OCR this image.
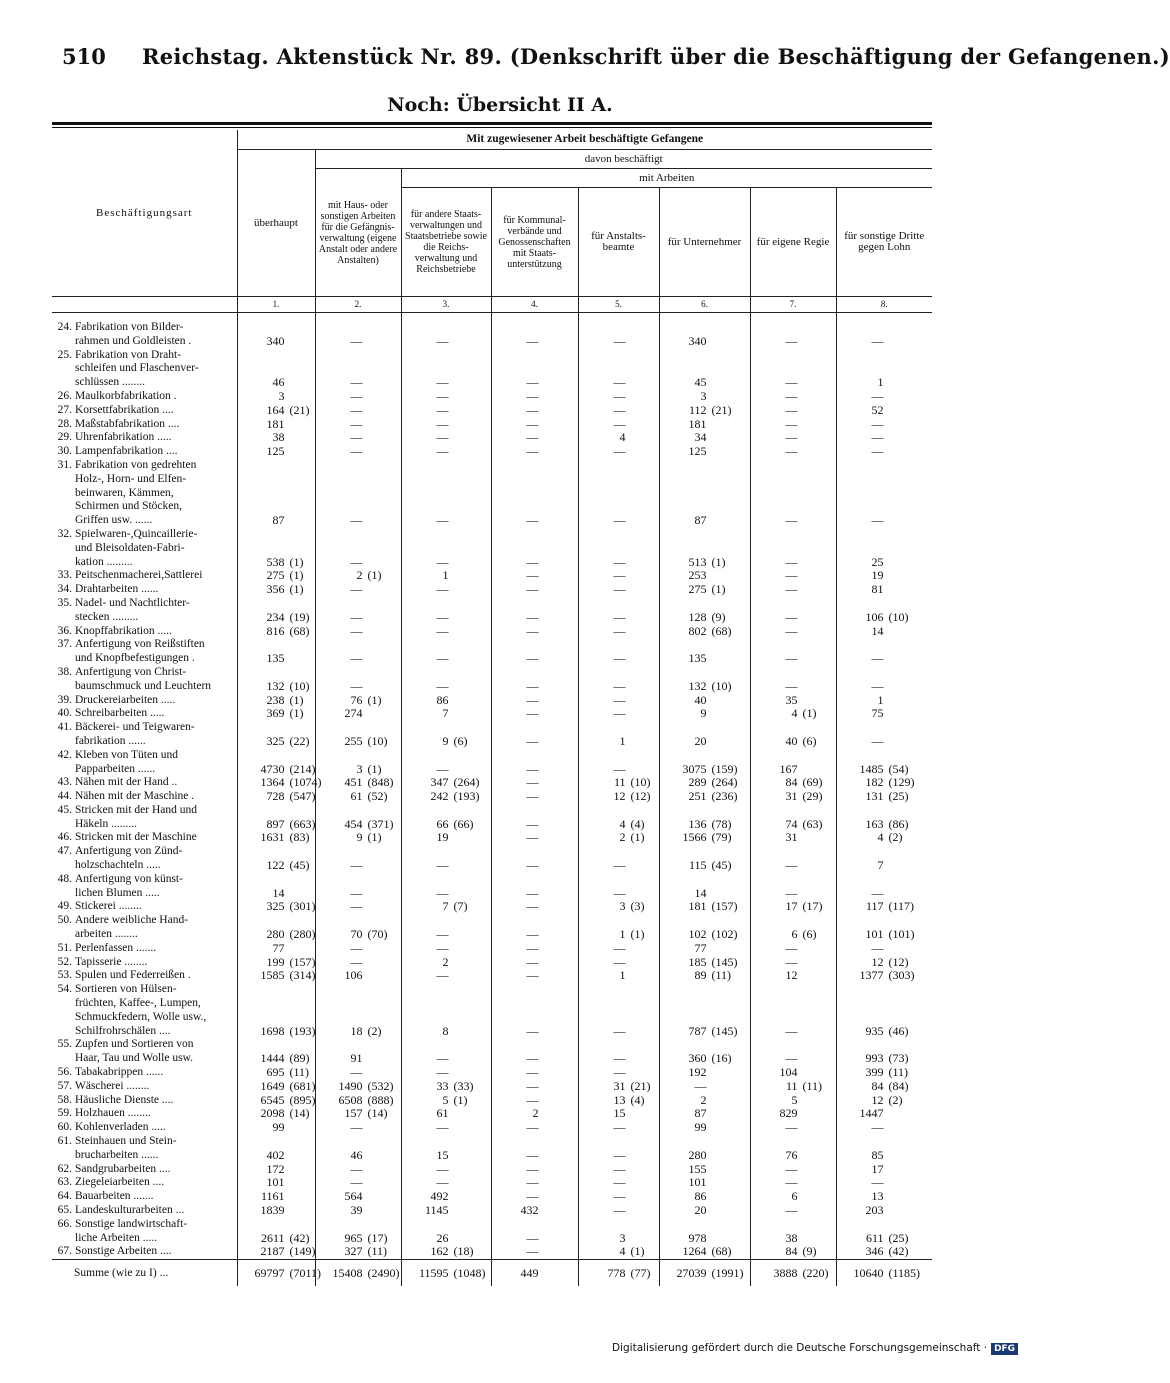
510 Reichstag. Aktenstück Nr. 89. (Denkschrift über die Beschäftigung der Gefangenen.)
Noch: Übersicht II A.
Beschäftigungsart	Mit zugewiesener Arbeit beschäftigte Gefangene							
	überhaupt	davon beschäftigt						
		mit Haus- oder sonstigen Arbeiten für die Gefängnis- verwaltung (eigene Anstalt oder andere Anstalten)	mit Arbeiten					
			für andere Staats- verwaltungen und Staatsbetriebe sowie die Reichs- verwaltung und Reichsbetriebe	für Kommunal- verbände und Genossenschaften mit Staats- unterstützung	für Anstalts- beamte	für Unternehmer	für eigene Regie	für sonstige Dritte gegen Lohn
	1.	2.	3.	4.	5.	6.	7.	8.
24. Fabrikation von Bilder-								
rahmen und Goldleisten .	340	—	—	—	—	340	—	—
25. Fabrikation von Draht-								
schleifen und Flaschenver-								
schlüssen ........	46	—	—	—	—	45	—	1
26. Maulkorbfabrikation .	3	—	—	—	—	3	—	—
27. Korsettfabrikation ....	164 (21)	—	—	—	—	112 (21)	—	52
28. Maßstabfabrikation ....	181	—	—	—	—	181	—	—
29. Uhrenfabrikation .....	38	—	—	—	4	34	—	—
30. Lampenfabrikation ....	125	—	—	—	—	125	—	—
31. Fabrikation von gedrehten								
Holz-, Horn- und Elfen-								
beinwaren, Kämmen,								
Schirmen und Stöcken,								
Griffen usw. ......	87	—	—	—	—	87	—	—
32. Spielwaren-,Quincaillerie-								
und Bleisoldaten-Fabri-								
kation .........	538 (1)	—	—	—	—	513 (1)	—	25
33. Peitschenmacherei,Sattlerei	275 (1)	2 (1)	1	—	—	253	—	19
34. Drahtarbeiten ......	356 (1)	—	—	—	—	275 (1)	—	81
35. Nadel- und Nachtlichter-								
stecken .........	234 (19)	—	—	—	—	128 (9)	—	106 (10)
36. Knopffabrikation .....	816 (68)	—	—	—	—	802 (68)	—	14
37. Anfertigung von Reißstiften								
und Knopfbefestigungen .	135	—	—	—	—	135	—	—
38. Anfertigung von Christ-								
baumschmuck und Leuchtern	132 (10)	—	—	—	—	132 (10)	—	—
39. Druckereiarbeiten .....	238 (1)	76 (1)	86	—	—	40	35	1
40. Schreibarbeiten .....	369 (1)	274	7	—	—	9	4 (1)	75
41. Bäckerei- und Teigwaren-								
fabrikation ......	325 (22)	255 (10)	9 (6)	—	1	20	40 (6)	—
42. Kleben von Tüten und								
Papparbeiten ......	4730 (214)	3 (1)	—	—	—	3075 (159)	167	1485 (54)
43. Nähen mit der Hand ..	1364 (1074)	451 (848)	347 (264)	—	11 (10)	289 (264)	84 (69)	182 (129)
44. Nähen mit der Maschine .	728 (547)	61 (52)	242 (193)	—	12 (12)	251 (236)	31 (29)	131 (25)
45. Stricken mit der Hand und								
Häkeln .........	897 (663)	454 (371)	66 (66)	—	4 (4)	136 (78)	74 (63)	163 (86)
46. Stricken mit der Maschine	1631 (83)	9 (1)	19	—	2 (1)	1566 (79)	31	4 (2)
47. Anfertigung von Zünd-								
holzschachteln .....	122 (45)	—	—	—	—	115 (45)	—	7
48. Anfertigung von künst-								
lichen Blumen .....	14	—	—	—	—	14	—	—
49. Stickerei ........	325 (301)	—	7 (7)	—	3 (3)	181 (157)	17 (17)	117 (117)
50. Andere weibliche Hand-								
arbeiten ........	280 (280)	70 (70)	—	—	1 (1)	102 (102)	6 (6)	101 (101)
51. Perlenfassen .......	77	—	—	—	—	77	—	—
52. Tapisserie ........	199 (157)	—	2	—	—	185 (145)	—	12 (12)
53. Spulen und Federreißen .	1585 (314)	106	—	—	1	89 (11)	12	1377 (303)
54. Sortieren von Hülsen-								
früchten, Kaffee-, Lumpen,								
Schmuckfedern, Wolle usw.,								
Schilfrohrschälen ....	1698 (193)	18 (2)	8	—	—	787 (145)	—	935 (46)
55. Zupfen und Sortieren von								
Haar, Tau und Wolle usw.	1444 (89)	91	—	—	—	360 (16)	—	993 (73)
56. Tabakabrippen ......	695 (11)	—	—	—	—	192	104	399 (11)
57. Wäscherei ........	1649 (681)	1490 (532)	33 (33)	—	31 (21)	—	11 (11)	84 (84)
58. Häusliche Dienste ....	6545 (895)	6508 (888)	5 (1)	—	13 (4)	2	5	12 (2)
59. Holzhauen ........	2098 (14)	157 (14)	61	2	15	87	829	1447
60. Kohlenverladen .....	99	—	—	—	—	99	—	—
61. Steinhauen und Stein-								
brucharbeiten ......	402	46	15	—	—	280	76	85
62. Sandgrubarbeiten ....	172	—	—	—	—	155	—	17
63. Ziegeleiarbeiten ....	101	—	—	—	—	101	—	—
64. Bauarbeiten .......	1161	564	492	—	—	86	6	13
65. Landeskulturarbeiten ...	1839	39	1145	432	—	20	—	203
66. Sonstige landwirtschaft-								
liche Arbeiten .....	2611 (42)	965 (17)	26	—	3	978	38	611 (25)
67. Sonstige Arbeiten ....	2187 (149)	327 (11)	162 (18)	—	4 (1)	1264 (68)	84 (9)	346 (42)
Summe (wie zu I) ...	69797 (7011)	15408 (2490)	11595 (1048)	449	778 (77)	27039 (1991)	3888 (220)	10640 (1185)
Digitalisierung gefördert durch die Deutsche Forschungsgemeinschaft · DFG
